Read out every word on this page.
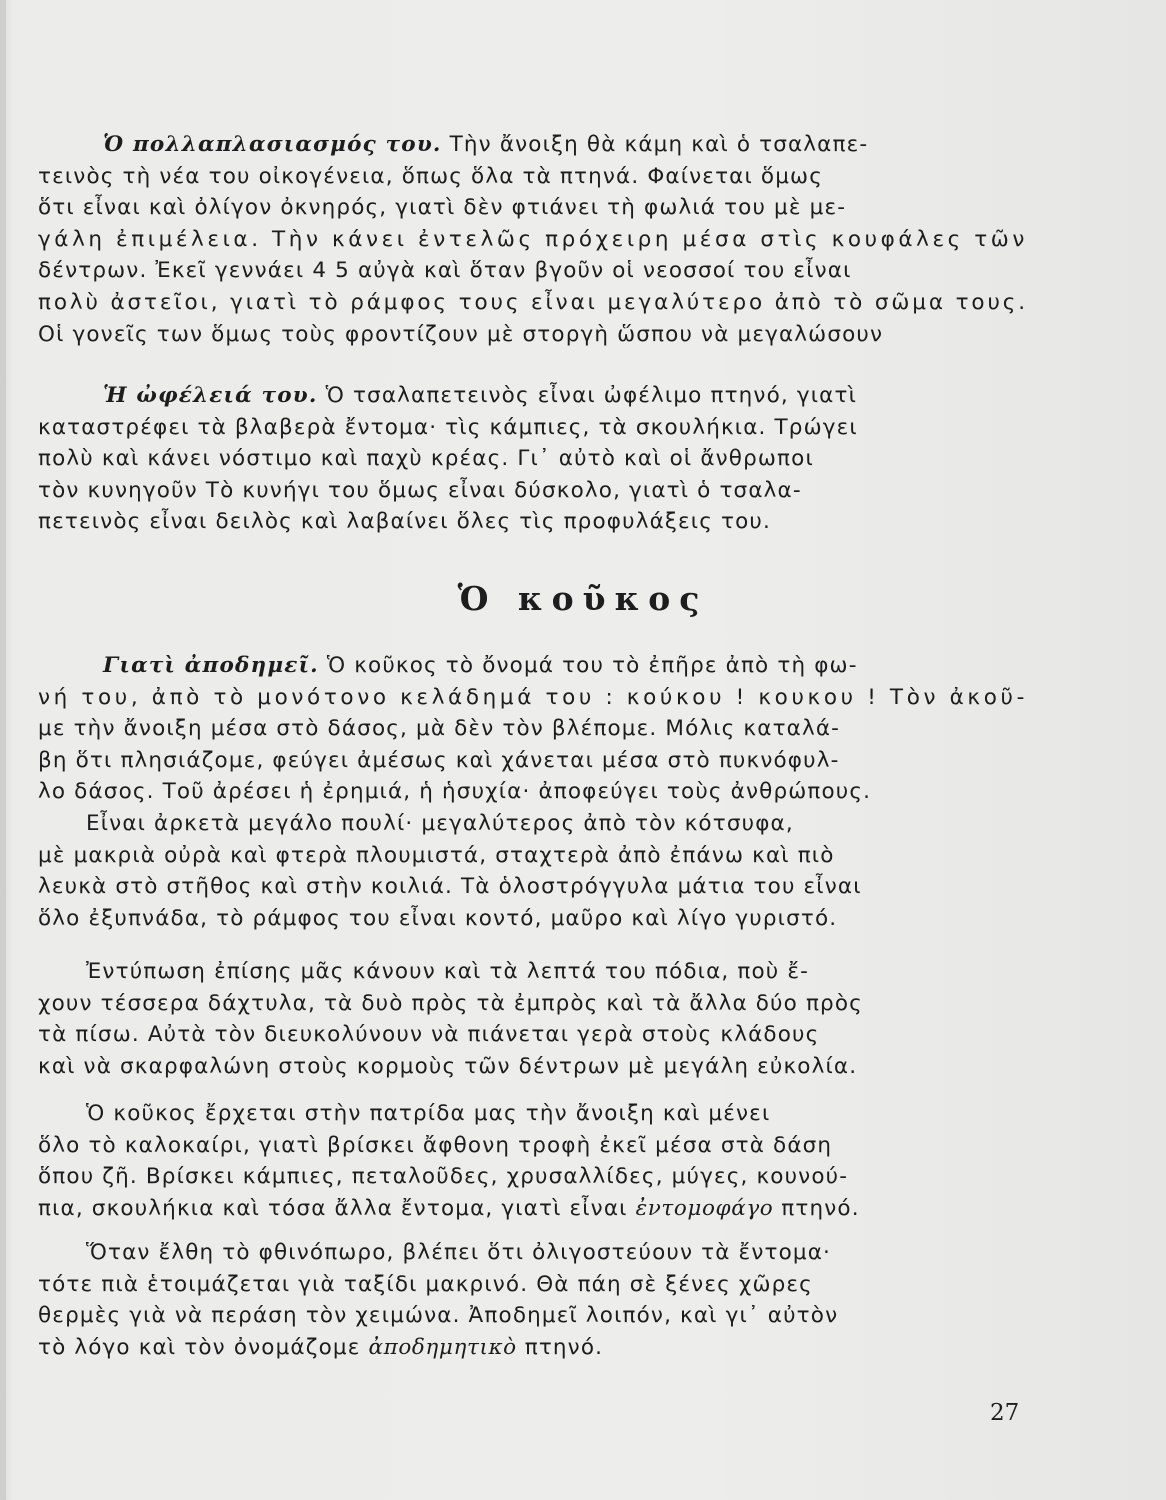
Ὁ πολλαπλασιασμός του. Τὴν ἄνοιξη θὰ κάμη καὶ ὁ τσαλαπε-
τεινὸς τὴ νέα του οἰκογένεια, ὅπως ὅλα τὰ πτηνά. Φαίνεται ὅμως
ὅτι εἶναι καὶ ὀλίγον ὀκνηρός, γιατὶ δὲν φτιάνει τὴ φωλιά του μὲ με-
γάλη ἐπιμέλεια. Τὴν κάνει ἐντελῶς πρόχειρη μέσα στὶς κουφάλες τῶν
δέντρων. Ἐκεῖ γεννάει 4 5 αὐγὰ καὶ ὅταν βγοῦν οἱ νεοσσοί του εἶναι
πολὺ ἀστεῖοι, γιατὶ τὸ ράμφος τους εἶναι μεγαλύτερο ἀπὸ τὸ σῶμα τους.
Οἱ γονεῖς των ὅμως τοὺς φροντίζουν μὲ στοργὴ ὥσπου νὰ μεγαλώσουν
Ἡ ὠφέλειά του. Ὁ τσαλαπετεινὸς εἶναι ὠφέλιμο πτηνό, γιατὶ
καταστρέφει τὰ βλαβερὰ ἔντομα· τὶς κάμπιες, τὰ σκουλήκια. Τρώγει
πολὺ καὶ κάνει νόστιμο καὶ παχὺ κρέας. Γι᾽ αὐτὸ καὶ οἱ ἄνθρωποι
τὸν κυνηγοῦν Τὸ κυνήγι του ὅμως εἶναι δύσκολο, γιατὶ ὁ τσαλα-
πετεινὸς εἶναι δειλὸς καὶ λαβαίνει ὅλες τὶς προφυλάξεις του.
Ὁ κοῦκος
Γιατὶ ἀποδημεῖ. Ὁ κοῦκος τὸ ὄνομά του τὸ ἐπῆρε ἀπὸ τὴ φω-
νή του, ἀπὸ τὸ μονότονο κελάδημά του : κούκου ! κουκου ! Τὸν ἀκοῦ-
με τὴν ἄνοιξη μέσα στὸ δάσος, μὰ δὲν τὸν βλέπομε. Μόλις καταλά-
βη ὅτι πλησιάζομε, φεύγει ἀμέσως καὶ χάνεται μέσα στὸ πυκνόφυλ-
λο δάσος. Τοῦ ἀρέσει ἡ ἐρημιά, ἡ ἡσυχία· ἀποφεύγει τοὺς ἀνθρώπους.
Εἶναι ἀρκετὰ μεγάλο πουλί· μεγαλύτερος ἀπὸ τὸν κότσυφα,
μὲ μακριὰ οὐρὰ καὶ φτερὰ πλουμιστά, σταχτερὰ ἀπὸ ἐπάνω καὶ πιὸ
λευκὰ στὸ στῆθος καὶ στὴν κοιλιά. Τὰ ὁλοστρόγγυλα μάτια του εἶναι
ὅλο ἐξυπνάδα, τὸ ράμφος του εἶναι κοντό, μαῦρο καὶ λίγο γυριστό.
Ἐντύπωση ἐπίσης μᾶς κάνουν καὶ τὰ λεπτά του πόδια, ποὺ ἔ-
χουν τέσσερα δάχτυλα, τὰ δυὸ πρὸς τὰ ἐμπρὸς καὶ τὰ ἄλλα δύο πρὸς
τὰ πίσω. Αὐτὰ τὸν διευκολύνουν νὰ πιάνεται γερὰ στοὺς κλάδους
καὶ νὰ σκαρφαλώνη στοὺς κορμοὺς τῶν δέντρων μὲ μεγάλη εὐκολία.
Ὁ κοῦκος ἔρχεται στὴν πατρίδα μας τὴν ἄνοιξη καὶ μένει
ὅλο τὸ καλοκαίρι, γιατὶ βρίσκει ἄφθονη τροφὴ ἐκεῖ μέσα στὰ δάση
ὅπου ζῆ. Βρίσκει κάμπιες, πεταλοῦδες, χρυσαλλίδες, μύγες, κουνού-
πια, σκουλήκια καὶ τόσα ἄλλα ἔντομα, γιατὶ εἶναι ἐντομοφάγο πτηνό.
Ὅταν ἔλθη τὸ φθινόπωρο, βλέπει ὅτι ὀλιγοστεύουν τὰ ἔντομα·
τότε πιὰ ἑτοιμάζεται γιὰ ταξίδι μακρινό. Θὰ πάη σὲ ξένες χῶρες
θερμὲς γιὰ νὰ περάση τὸν χειμώνα. Ἀποδημεῖ λοιπόν, καὶ γι᾽ αὐτὸν
τὸ λόγο καὶ τὸν ὀνομάζομε ἀποδημητικὸ πτηνό.
27
